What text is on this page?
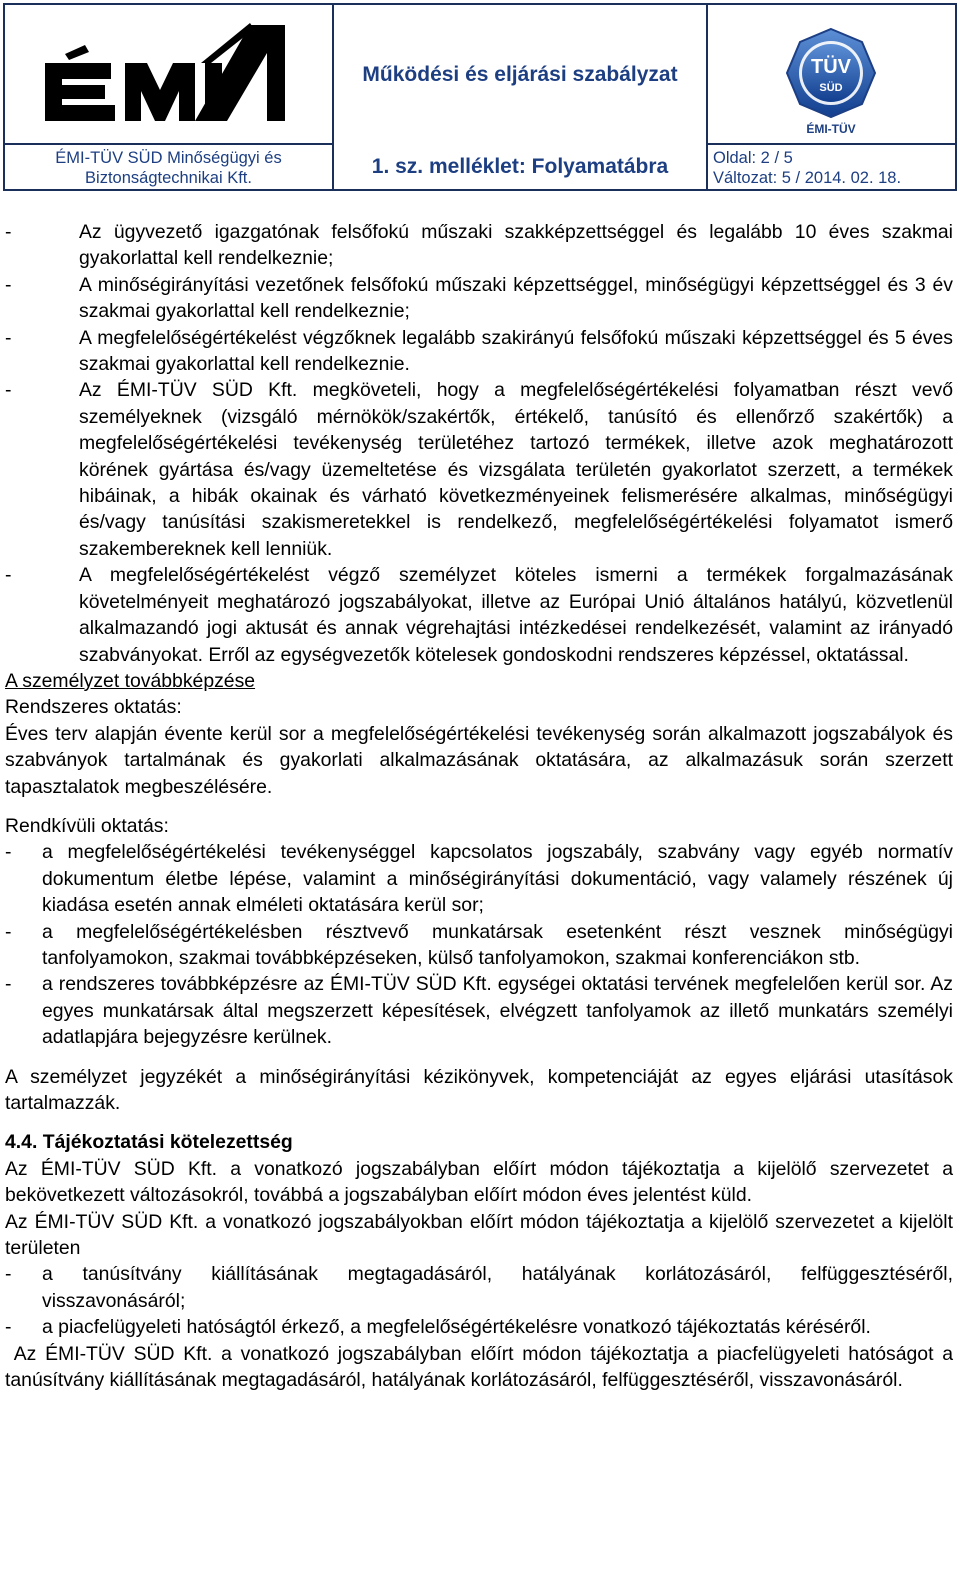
Működési és eljárási szabályzat	TÜV
SÜD
ÉMI-TÜV
ÉMI-TÜV SÜD Minőségügyi és
Biztonságtechnikai Kft.	1. sz. melléklet: Folyamatábra	Oldal: 2 / 5
Változat: 5 / 2014. 02. 18.
-	Az ügyvezető igazgatónak felsőfokú műszaki szakképzettséggel és legalább 10 éves szakmai gyakorlattal kell rendelkeznie;
-	A minőségirányítási vezetőnek felsőfokú műszaki képzettséggel, minőségügyi képzettséggel és 3 év szakmai gyakorlattal kell rendelkeznie;
-	A megfelelőségértékelést végzőknek legalább szakirányú felsőfokú műszaki képzettséggel és 5 éves szakmai gyakorlattal kell rendelkeznie.
-	Az ÉMI-TÜV SÜD Kft. megköveteli, hogy a megfelelőségértékelési folyamatban részt vevő személyeknek (vizsgáló mérnökök/szakértők, értékelő, tanúsító és ellenőrző szakértők) a megfelelőségértékelési tevékenység területéhez tartozó termékek, illetve azok meghatározott körének gyártása és/vagy üzemeltetése és vizsgálata területén gyakorlatot szerzett, a termékek hibáinak, a hibák okainak és várható következményeinek felismerésére alkalmas, minőségügyi és/vagy tanúsítási szakismeretekkel is rendelkező, megfelelőségértékelési folyamatot ismerő szakembereknek kell lenniük.
-	A megfelelőségértékelést végző személyzet köteles ismerni a termékek forgalmazásának követelményeit meghatározó jogszabályokat, illetve az Európai Unió általános hatályú, közvetlenül alkalmazandó jogi aktusát és annak végrehajtási intézkedései rendelkezését, valamint az irányadó szabványokat. Erről az egységvezetők kötelesek gondoskodni rendszeres képzéssel, oktatással.
A személyzet továbbképzése
Rendszeres oktatás:
Éves terv alapján évente kerül sor a megfelelőségértékelési tevékenység során alkalmazott jogszabályok és szabványok tartalmának és gyakorlati alkalmazásának oktatására, az alkalmazásuk során szerzett tapasztalatok megbeszélésére.
Rendkívüli oktatás:
- a megfelelőségértékelési tevékenységgel kapcsolatos jogszabály, szabvány vagy egyéb normatív dokumentum életbe lépése, valamint a minőségirányítási dokumentáció, vagy valamely részének új kiadása esetén annak elméleti oktatására kerül sor;
- a megfelelőségértékelésben résztvevő munkatársak esetenként részt vesznek minőségügyi tanfolyamokon, szakmai továbbképzéseken, külső tanfolyamokon, szakmai konferenciákon stb.
- a rendszeres továbbképzésre az ÉMI-TÜV SÜD Kft. egységei oktatási tervének megfelelően kerül sor. Az egyes munkatársak által megszerzett képesítések, elvégzett tanfolyamok az illető munkatárs személyi adatlapjára bejegyzésre kerülnek.
A személyzet jegyzékét a minőségirányítási kézikönyvek, kompetenciáját az egyes eljárási utasítások tartalmazzák.
4.4. Tájékoztatási kötelezettség
Az ÉMI-TÜV SÜD Kft. a vonatkozó jogszabályban előírt módon tájékoztatja a kijelölő szervezetet a bekövetkezett változásokról, továbbá a jogszabályban előírt módon éves jelentést küld.
Az ÉMI-TÜV SÜD Kft. a vonatkozó jogszabályokban előírt módon tájékoztatja a kijelölő szervezetet a kijelölt területen
- a tanúsítvány kiállításának megtagadásáról, hatályának korlátozásáról, felfüggesztéséről, visszavonásáról;
- a piacfelügyeleti hatóságtól érkező, a megfelelőségértékelésre vonatkozó tájékoztatás kéréséről.
Az ÉMI-TÜV SÜD Kft. a vonatkozó jogszabályban előírt módon tájékoztatja a piacfelügyeleti hatóságot a tanúsítvány kiállításának megtagadásáról, hatályának korlátozásáról, felfüggesztéséről, visszavonásáról.
